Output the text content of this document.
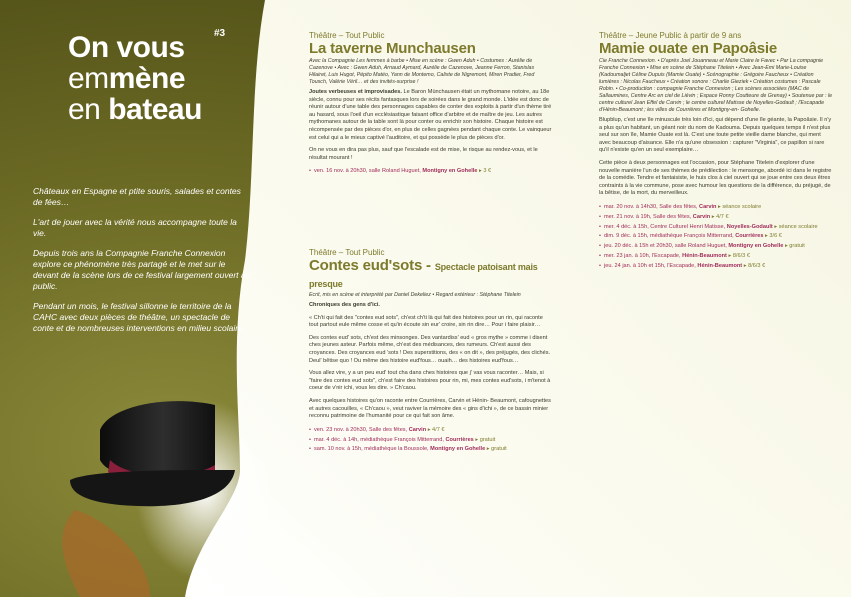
On vous
emmène
en bateau
#3

Châteaux en Espagne et ptite souris, salades et contes de fées…

L'art de jouer avec la vérité nous accompagne toute la vie.

Depuis trois ans la Compagnie Franche Connexion explore ce phénomène très partagé et le met sur le devant de la scène lors de ce festival largement ouvert au public.

Pendant un mois, le festival sillonne le territoire de la CAHC avec deux pièces de théâtre, un spectacle de conte et de nombreuses interventions en milieu scolaire.

Théâtre – Tout Public

La taverne Munchausen

Avec la Compagnie Les femmes à barbe • Mise en scène : Gwen Aduh • Costumes : Aurélie de Cazenove • Avec : Gwen Aduh, Arnaud Aymard, Aurélie de Cazenove, Jeanne Ferron, Stanislas Hilairet, Luis Hugot, Pépito Matéo, Yann de Montemo, Calixte de Nigremont, Miren Pradier, Fred Tousch, Valérie Véril… et des invités-surprise !

Joutes verbeuses et improvisades. Le Baron Münchausen était un mythomane notoire, au 18e siècle, connu pour ses récits fantasques lors de soirées dans le grand monde. L'idée est donc de réunir autour d'une table des personnages capables de conter des exploits à partir d'un thème tiré au hasard, sous l'oeil d'un ecclésiastique faisant office d'arbitre et de maître de jeu. Les autres mythomanes autour de la table sont là pour conter ou enrichir son histoire. Chaque histoire est récompensée par des pièces d'or, en plus de celles gagnées pendant chaque conte. Le vainqueur est celui qui a le mieux captivé l'auditoire, et qui possède le plus de pièces d'or.

On ne vous en dira pas plus, sauf que l'escalade est de mise, le risque au rendez-vous, et le résultat mourant !

• ven. 16 nov. à 20h30, salle Roland Huguet, Montigny en Gohelle ▸ 3 €

Théâtre – Tout Public

Contes eud'sots - Spectacle patoisant mais presque

Ecrit, mis en scène et interprété par Daniel Dekeliez • Regard extérieur : Stéphane Titelein

Chroniques des gens d'ici.

« Ch'ti qui fait des "contes eud sots", ch'est ch'ti là qui fait des histoires pour un rin, qui raconte tout partout eule même cosse et qu'in écoute sin eur' croire, sin rin dire… Pour i faire plaisir…

Des contes eud' sots, ch'est des minsonges. Des vantardiss' eud « gros mythe » comme i disent ches jeunes asteur. Parfois même, ch'est des médisances, des rumeurs. Ch'est aussi des croyances. Des croyances eud 'sots ! Des superstitions, des « on dit », des préjugés, des clichés. Deul' bêtise quo ! Ou même des histoire eud'fous… ouaih… des histoires eud'fous…

Vous allez vire, y a un peu eud' tout cha dans ches histoires que j' vas vous raconter… Mais, si "faire des contes eud sots", ch'est faire des histoires pour rin, mi, mes contes eud'sots, i m'tenot à coeur de v'nir ichi, vous les dire. » Ch'caou.

Avec quelques histoires qu'on raconte entre Courrières, Carvin et Hénin- Beaumont, cafougnettes et autres cacouilles, « Ch'caou », veut raviver la mémoire des « gins d'ichi », de ce bassin minier reconnu patrimoine de l'humanité pour ce qui fait son âme.

• ven. 23 nov. à 20h30, Salle des fêtes, Carvin ▸ 4/7 €
• mar. 4 déc. à 14h, médiathèque François Mitterrand, Courrières ▸ gratuit
• sam. 10 nov. à 15h, médiathèque la Boussole, Montigny en Gohelle ▸ gratuit

Théâtre – Jeune Public à partir de 9 ans

Mamie ouate en Papoâsie

Cie Franche Connexion. • D'après Joel Jouanneau et Marie Claire le Favec • Par La compagnie Franche Connexion • Mise en scène de Stéphane Titelein • Avec Jean-Emi Marie-Louise (Kadoumaljet Céline Dupuis (Mamie Ouate) • Scénographie : Grégoire Faucheux • Création lumières : Nicolas Faucheux • Création sonore : Charlie Gieziek • Création costumes : Pascale Robin. • Co-production : compagnie Franche Connexion ; Les scènes associées (MAC de Sallaumines, Centre Arc en ciel de Liévin ; Espace Ronny Coutteure de Grenay) • Soutenue par : le centre culturel Jean Effel de Carvin ; le centre culturel Matisse de Noyelles-Godault ; l'Escapade d'Hénin-Beaumont ; les villes de Courrières et Montigny-en- Gohelle.

Blupblup, c'est une île minuscule très loin d'ici, qui dépend d'une île géante, la Papoâsie. Il n'y a plus qu'un habitant, un géant noir du nom de Kadouma. Depuis quelques temps il n'est plus seul sur son île, Mamie Ouate est là. C'est une toute petite vieille dame blanche, qui ment avec beaucoup d'aisance. Elle n'a qu'une obsession : capturer "Virginia", ce papillon si rare qu'il n'existe qu'en un seul exemplaire…

Cette pièce à deux personnages est l'occasion, pour Stéphane Titelein d'explorer d'une nouvelle manière l'un de ses thèmes de prédilection : le mensonge, abordé ici dans le registre de la comédie. Tendre et fantaisiste, le huis clos à ciel ouvert qui se joue entre ces deux êtres contraints à la vie commune, pose avec humour les questions de la différence, du préjugé, de la bêtise, de la mort, du merveilleux.

• mar. 20 nov. à 14h30, Salle des fêtes, Carvin ▸ séance scolaire
• mer. 21 nov. à 19h, Salle des fêtes, Carvin ▸ 4/7 €
• mer. 4 déc. à 15h, Centre Culturel Henri Matisse, Noyelles-Godault ▸ séance scolaire
• dim. 9 déc. à 15h, médiathèque François Mitterrand, Courrières ▸ 3/6 €
• jeu. 20 déc. à 15h et 20h30, salle Roland Huguet, Montigny en Gohelle ▸ gratuit
• mer. 23 jan. à 10h, l'Escapade, Hénin-Beaumont ▸ 8/6/3 €
• jeu. 24 jan. à 10h et 15h, l'Escapade, Hénin-Beaumont ▸ 8/6/3 €
